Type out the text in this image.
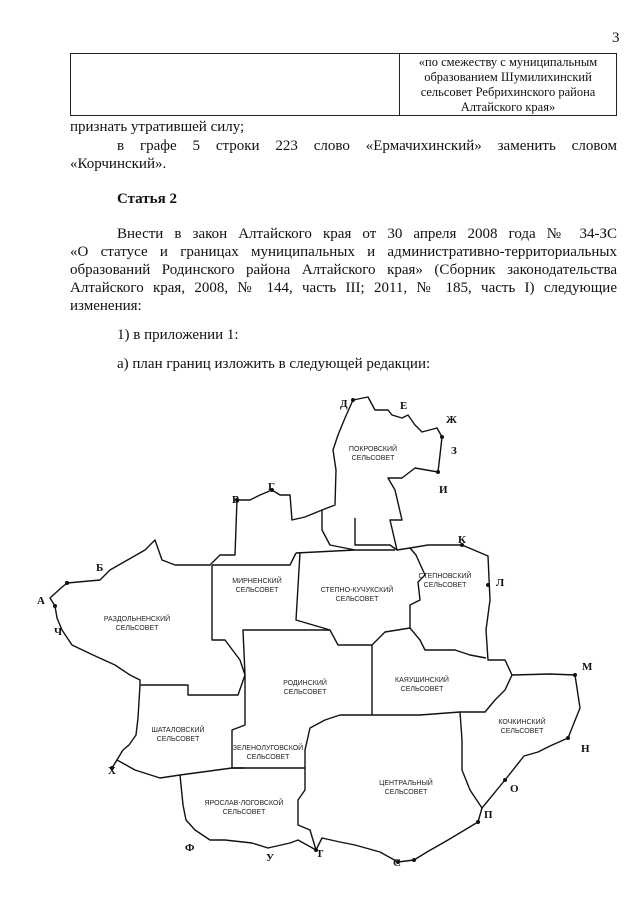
3

«по смежеству с муниципальным
образованием Шумилихинский
сельсовет Ребрихинского района
Алтайского края»
признать утратившей силу;
в графе 5 строки 223 слово «Ермачихинский» заменить словом
«Корчинский».
Статья 2
Внести в закон Алтайского края от 30 апреля 2008 года № 34-ЗС
«О статусе и границах муниципальных и административно-территориальных
образований Родинского района Алтайского края» (Сборник законодательства
Алтайского края, 2008, № 144, часть III; 2011, № 185, часть I) следующие
изменения:
1) в приложении 1:
а) план границ изложить в следующей редакции:
ПОКРОВСКИЙ СЕЛЬСОВЕТ
МИРНЕНСКИЙ СЕЛЬСОВЕТ	СТЕПНО-КУЧУКСКИЙ СЕЛЬСОВЕТ
СТЕПНОВСКИЙ СЕЛЬСОВЕТ
РАЗДОЛЬНЕНСКИЙ СЕЛЬСОВЕТ
РОДИНСКИЙ СЕЛЬСОВЕТ
КАЯУШИНСКИЙ СЕЛЬСОВЕТ
ШАТАЛОВСКИЙ СЕЛЬСОВЕТ
ЗЕЛЕНОЛУГОВСКОЙ СЕЛЬСОВЕТ
КОЧКИНСКИЙ СЕЛЬСОВЕТ
ЦЕНТРАЛЬНЫЙ СЕЛЬСОВЕТ
ЯРОСЛАВ-ЛОГОВСКОЙ СЕЛЬСОВЕТ
Д	Е
Ж
З
И
В
Г
К
Л
Б
А
Ч
М
Н
О
П
Х
Ф
У	Т
С
